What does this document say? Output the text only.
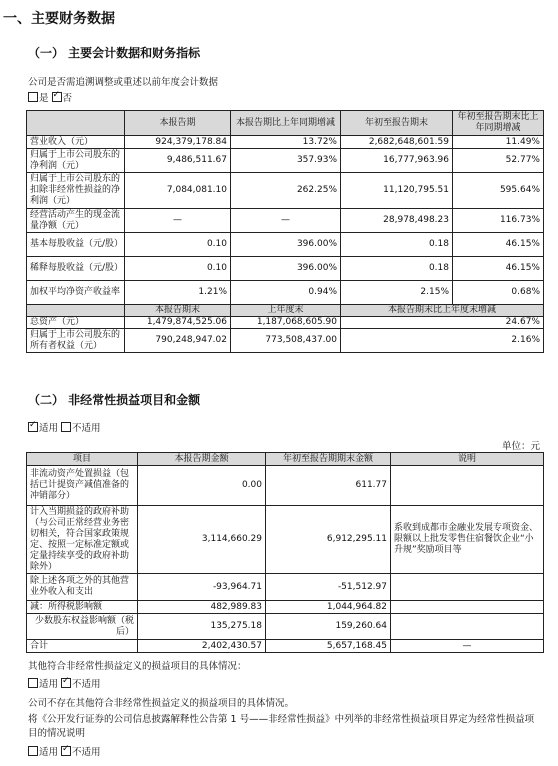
一、主要财务数据
（一） 主要会计数据和财务指标
公司是否需追溯调整或重述以前年度会计数据
是 ✓ 否
	本报告期	本报告期比上年同期增减	年初至报告期末	年初至报告期末比上年同期增减
营业收入（元）	924,379,178.84	13.72%	2,682,648,601.59	11.49%
归属于上市公司股东的净利润（元）	9,486,511.67	357.93%	16,777,963.96	52.77%
归属于上市公司股东的扣除非经常性损益的净利润（元）	7,084,081.10	262.25%	11,120,795.51	595.64%
经营活动产生的现金流量净额（元）	—	—	28,978,498.23	116.73%
基本每股收益（元/股）	0.10	396.00%	0.18	46.15%
稀释每股收益（元/股）	0.10	396.00%	0.18	46.15%
加权平均净资产收益率	1.21%	0.94%	2.15%	0.68%
	本报告期末	上年度末	本报告期末比上年度末增减	
总资产（元）	1,479,874,525.06	1,187,068,605.90	24.67%	
归属于上市公司股东的所有者权益（元）	790,248,947.02	773,508,437.00	2.16%	
（二） 非经常性损益项目和金额
✓适用 不适用
单位：元
项目	本报告期金额	年初至报告期期末金额	说明
非流动资产处置损益（包括已计提资产减值准备的冲销部分）	0.00	611.77	
计入当期损益的政府补助（与公司正常经营业务密切相关，符合国家政策规定、按照一定标准定额或定量持续享受的政府补助除外）	3,114,660.29	6,912,295.11	系收到成都市金融业发展专项资金、限额以上批发零售住宿餐饮企业“小升规”奖励项目等
除上述各项之外的其他营业外收入和支出	-93,964.71	-51,512.97	
减：所得税影响额	482,989.83	1,044,964.82	
少数股东权益影响额（税后）	135,275.18	159,260.64	
合计	2,402,430.57	5,657,168.45	—
其他符合非经常性损益定义的损益项目的具体情况：
适用 ✓ 不适用
公司不存在其他符合非经常性损益定义的损益项目的具体情况。
将《公开发行证券的公司信息披露解释性公告第 1 号——非经常性损益》中列举的非经常性损益项目界定为经常性损益项目的情况说明
适用 ✓ 不适用
